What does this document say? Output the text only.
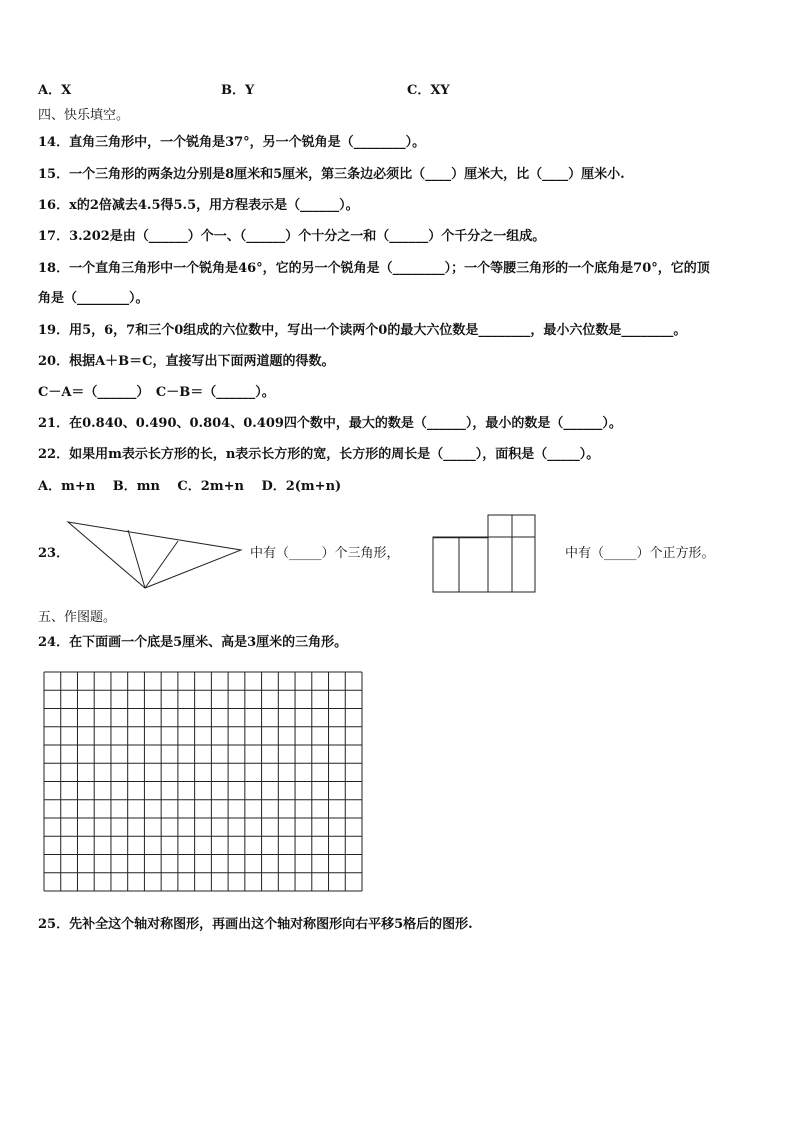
A．X	B．Y	C．XY
四、快乐填空。
14．直角三角形中，一个锐角是37°，另一个锐角是（________）。
15．一个三角形的两条边分别是8厘米和5厘米，第三条边必须比（____）厘米大，比（____）厘米小.
16．x的2倍减去4.5得5.5，用方程表示是（______）。
17．3.202是由（______）个一、（______）个十分之一和（______）个千分之一组成。
18．一个直角三角形中一个锐角是46°，它的另一个锐角是（________）；一个等腰三角形的一个底角是70°，它的顶
角是（________）。
19．用5，6，7和三个0组成的六位数中，写出一个读两个0的最大六位数是________，最小六位数是________。
20．根据A＋B＝C，直接写出下面两道题的得数。
C－A＝（______）　C－B＝（______）。
21．在0.840、0.490、0.804、0.409四个数中，最大的数是（______），最小的数是（______）。
22．如果用m表示长方形的长，n表示长方形的宽，长方形的周长是（_____），面积是（_____）。
A．m+n　 B．mn　 C．2m+n　 D．2(m+n)
23．	中有（_____）个三角形，	中有（_____）个正方形。
五、作图题。
24．在下面画一个底是5厘米、高是3厘米的三角形。
25．先补全这个轴对称图形，再画出这个轴对称图形向右平移5格后的图形.
